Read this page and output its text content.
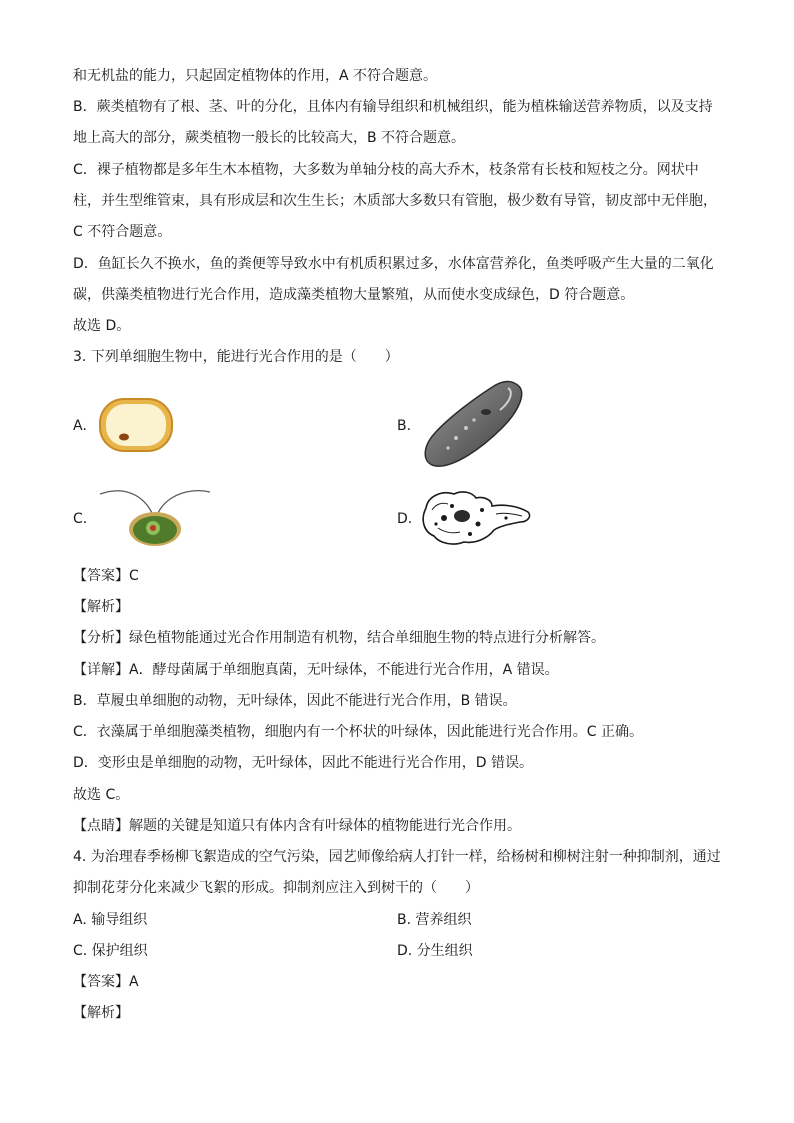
和无机盐的能力，只起固定植物体的作用，A 不符合题意。
B．蕨类植物有了根、茎、叶的分化，且体内有输导组织和机械组织，能为植株输送营养物质，以及支持
地上高大的部分，蕨类植物一般长的比较高大，B 不符合题意。
C．裸子植物都是多年生木本植物，大多数为单轴分枝的高大乔木，枝条常有长枝和短枝之分。网状中
柱，并生型维管束，具有形成层和次生生长；木质部大多数只有管胞，极少数有导管，韧皮部中无伴胞，
C 不符合题意。
D．鱼缸长久不换水，鱼的粪便等导致水中有机质积累过多，水体富营养化，鱼类呼吸产生大量的二氧化
碳，供藻类植物进行光合作用，造成藻类植物大量繁殖，从而使水变成绿色，D 符合题意。
故选 D。
3. 下列单细胞生物中，能进行光合作用的是（　　）
A.	B.
C.	D.
【答案】C
【解析】
【分析】绿色植物能通过光合作用制造有机物，结合单细胞生物的特点进行分析解答。
【详解】A．酵母菌属于单细胞真菌，无叶绿体，不能进行光合作用，A 错误。
B．草履虫单细胞的动物，无叶绿体，因此不能进行光合作用，B 错误。
C．衣藻属于单细胞藻类植物，细胞内有一个杯状的叶绿体，因此能进行光合作用。C 正确。
D．变形虫是单细胞的动物，无叶绿体，因此不能进行光合作用，D 错误。
故选 C。
【点睛】解题的关键是知道只有体内含有叶绿体的植物能进行光合作用。
4. 为治理春季杨柳飞絮造成的空气污染，园艺师像给病人打针一样，给杨树和柳树注射一种抑制剂，通过
抑制花芽分化来减少飞絮的形成。抑制剂应注入到树干的（　　）
A. 输导组织	B. 营养组织
C. 保护组织	D. 分生组织
【答案】A
【解析】
